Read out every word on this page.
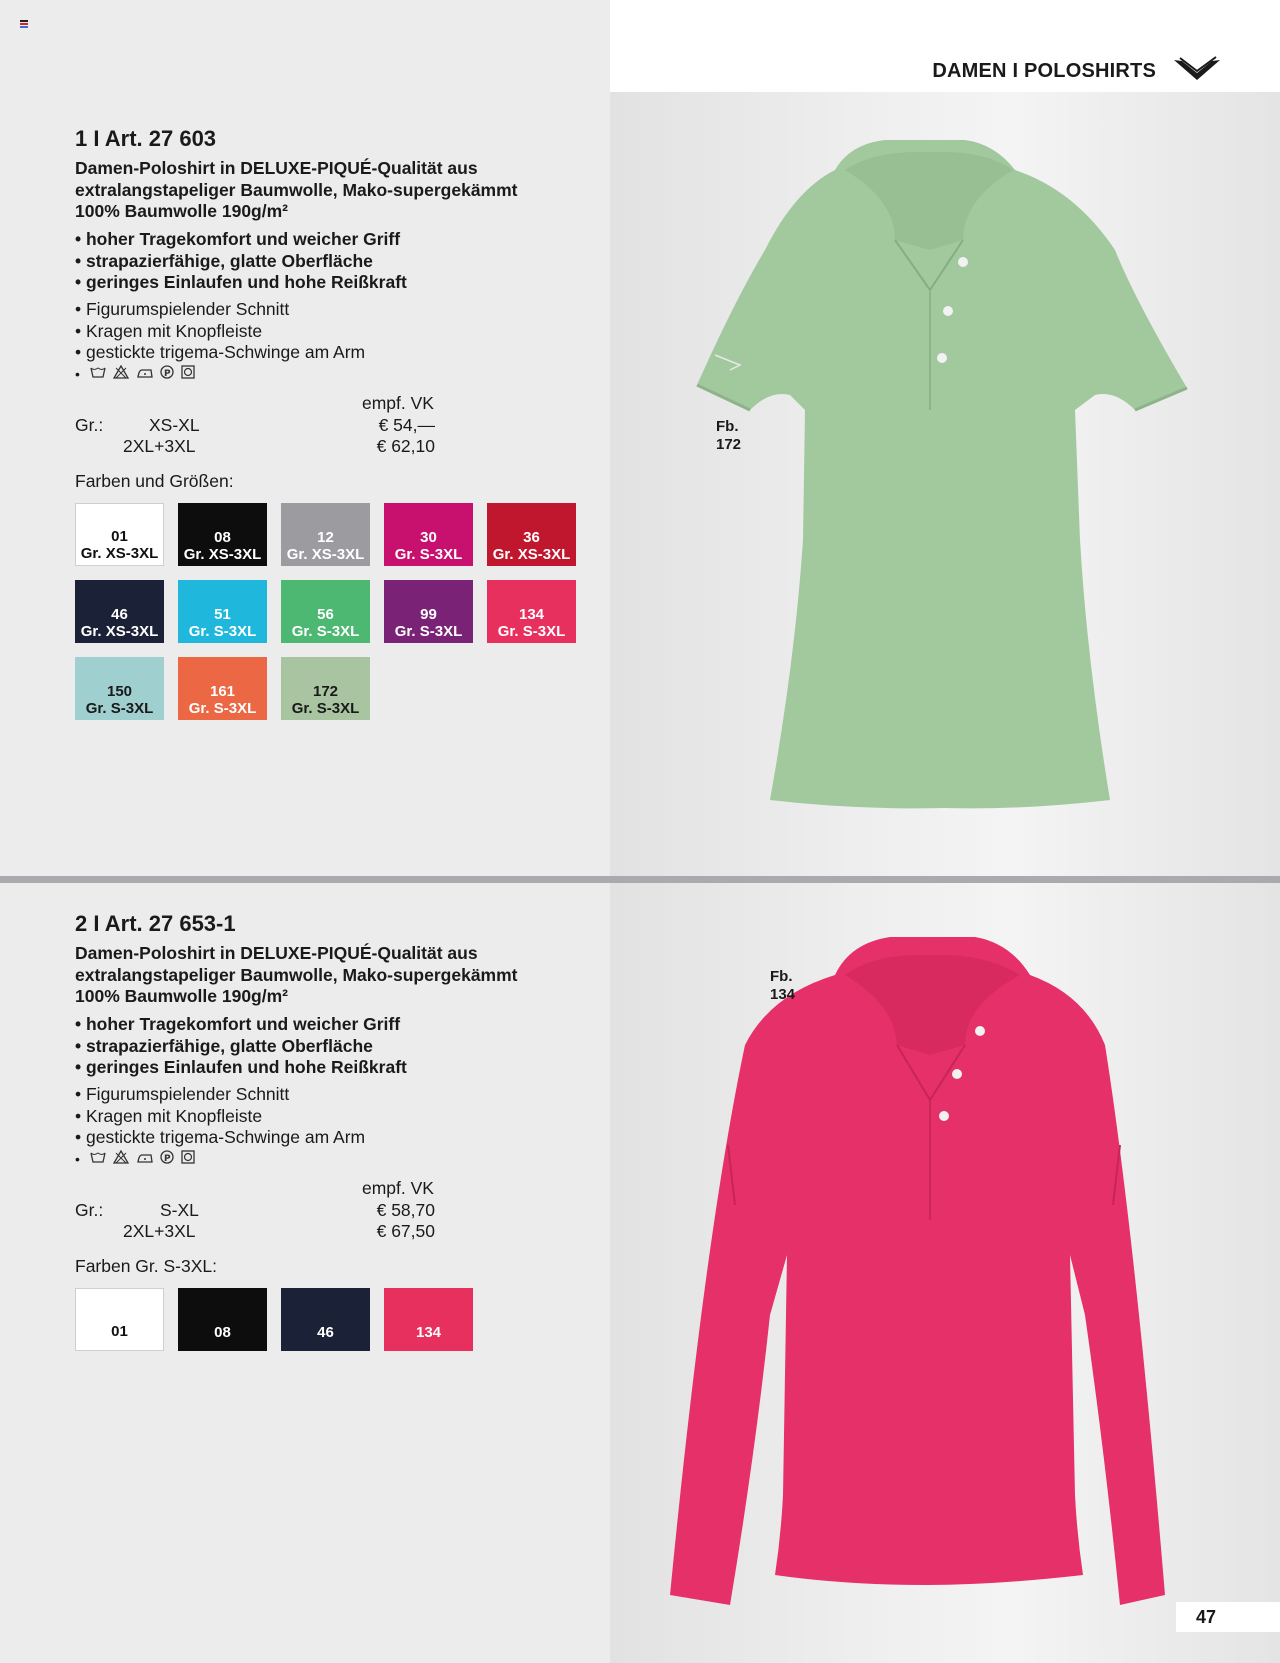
DAMEN I POLOSHIRTS
1 I Art. 27 603
Damen-Poloshirt in DELUXE-PIQUÉ-Qualität aus
extralangstapeliger Baumwolle, Mako-supergekämmt
100% Baumwolle 190g/m²
• hoher Tragekomfort und weicher Griff
• strapazierfähige, glatte Oberfläche
• geringes Einlaufen und hohe Reißkraft
• Figurumspielender Schnitt
• Kragen mit Knopfleiste
• gestickte trigema-Schwinge am Arm
•	P

empf. VK
Gr.:	XS-XL	€ 54,—
2XL+3XL	€ 62,10
Farben und Größen:
01
Gr. XS-3XL
08
Gr. XS-3XL
12
Gr. XS-3XL
30
Gr. S-3XL
36
Gr. XS-3XL
46
Gr. XS-3XL
51
Gr. S-3XL
56
Gr. S-3XL
99
Gr. S-3XL
134
Gr. S-3XL
150
Gr. S-3XL
161
Gr. S-3XL
172
Gr. S-3XL
Fb.
172
2 I Art. 27 653-1
Damen-Poloshirt in DELUXE-PIQUÉ-Qualität aus
extralangstapeliger Baumwolle, Mako-supergekämmt
100% Baumwolle 190g/m²
• hoher Tragekomfort und weicher Griff
• strapazierfähige, glatte Oberfläche
• geringes Einlaufen und hohe Reißkraft
• Figurumspielender Schnitt
• Kragen mit Knopfleiste
• gestickte trigema-Schwinge am Arm
•	P

empf. VK
Gr.:	S-XL	€ 58,70
2XL+3XL	€ 67,50
Farben Gr. S-3XL:
01	08	46	134
Fb.
134
47
